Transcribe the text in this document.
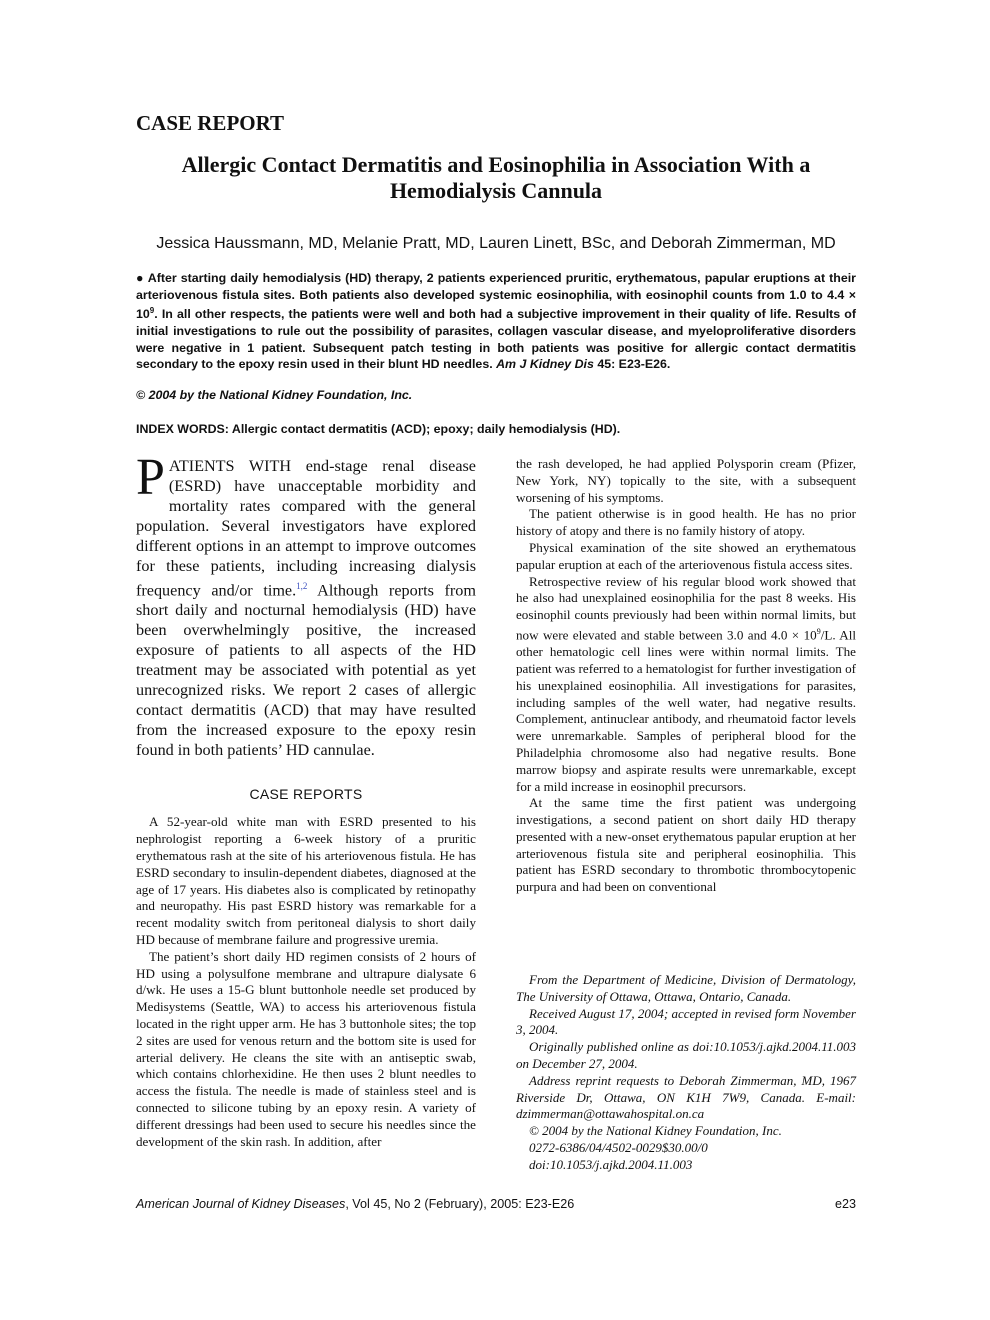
CASE REPORT
Allergic Contact Dermatitis and Eosinophilia in Association With a Hemodialysis Cannula
Jessica Haussmann, MD, Melanie Pratt, MD, Lauren Linett, BSc, and Deborah Zimmerman, MD
● After starting daily hemodialysis (HD) therapy, 2 patients experienced pruritic, erythematous, papular eruptions at their arteriovenous fistula sites. Both patients also developed systemic eosinophilia, with eosinophil counts from 1.0 to $4.4 \times 10^9$. In all other respects, the patients were well and both had a subjective improvement in their quality of life. Results of initial investigations to rule out the possibility of parasites, collagen vascular disease, and myeloproliferative disorders were negative in 1 patient. Subsequent patch testing in both patients was positive for allergic contact dermatitis secondary to the epoxy resin used in their blunt HD needles. Am J Kidney Dis 45: E23-E26.
© 2004 by the National Kidney Foundation, Inc.
INDEX WORDS: Allergic contact dermatitis (ACD); epoxy; daily hemodialysis (HD).

PATIENTS WITH end-stage renal disease (ESRD) have unacceptable morbidity and mortality rates compared with the general population. Several investigators have explored different options in an attempt to improve outcomes for these patients, including increasing dialysis frequency and/or time.$^{1,2}$ Although reports from short daily and nocturnal hemodialysis (HD) have been overwhelmingly positive, the increased exposure of patients to all aspects of the HD treatment may be associated with potential as yet unrecognized risks. We report 2 cases of allergic contact dermatitis (ACD) that may have resulted from the increased exposure to the epoxy resin found in both patients’ HD cannulae.

CASE REPORTS

A 52-year-old white man with ESRD presented to his nephrologist reporting a 6-week history of a pruritic erythematous rash at the site of his arteriovenous fistula. He has ESRD secondary to insulin-dependent diabetes, diagnosed at the age of 17 years. His diabetes also is complicated by retinopathy and neuropathy. His past ESRD history was remarkable for a recent modality switch from peritoneal dialysis to short daily HD because of membrane failure and progressive uremia.

The patient’s short daily HD regimen consists of 2 hours of HD using a polysulfone membrane and ultrapure dialysate 6 d/wk. He uses a 15-G blunt buttonhole needle set produced by Medisystems (Seattle, WA) to access his arteriovenous fistula located in the right upper arm. He has 3 buttonhole sites; the top 2 sites are used for venous return and the bottom site is used for arterial delivery. He cleans the site with an antiseptic swab, which contains chlorhexidine. He then uses 2 blunt needles to access the fistula. The needle is made of stainless steel and is connected to silicone tubing by an epoxy resin. A variety of different dressings had been used to secure his needles since the development of the skin rash. In addition, after

the rash developed, he had applied Polysporin cream (Pfizer, New York, NY) topically to the site, with a subsequent worsening of his symptoms.

The patient otherwise is in good health. He has no prior history of atopy and there is no family history of atopy.

Physical examination of the site showed an erythematous papular eruption at each of the arteriovenous fistula access sites.

Retrospective review of his regular blood work showed that he also had unexplained eosinophilia for the past 8 weeks. His eosinophil counts previously had been within normal limits, but now were elevated and stable between 3.0 and $4.0 \times 10^9/L$. All other hematologic cell lines were within normal limits. The patient was referred to a hematologist for further investigation of his unexplained eosinophilia. All investigations for parasites, including samples of the well water, had negative results. Complement, antinuclear antibody, and rheumatoid factor levels were unremarkable. Samples of peripheral blood for the Philadelphia chromosome also had negative results. Bone marrow biopsy and aspirate results were unremarkable, except for a mild increase in eosinophil precursors.

At the same time the first patient was undergoing investigations, a second patient on short daily HD therapy presented with a new-onset erythematous papular eruption at her arteriovenous fistula site and peripheral eosinophilia. This patient has ESRD secondary to thrombotic thrombocytopenic purpura and had been on conventional

From the Department of Medicine, Division of Dermatology, The University of Ottawa, Ottawa, Ontario, Canada.

Received August 17, 2004; accepted in revised form November 3, 2004.

Originally published online as doi:10.1053/j.ajkd.2004.11.003 on December 27, 2004.

Address reprint requests to Deborah Zimmerman, MD, 1967 Riverside Dr, Ottawa, ON K1H 7W9, Canada. E-mail: dzimmerman@ottawahospital.on.ca

© 2004 by the National Kidney Foundation, Inc.

0272-6386/04/4502-0029$30.00/0

doi:10.1053/j.ajkd.2004.11.003

American Journal of Kidney Diseases, Vol 45, No 2 (February), 2005: E23-E26	e23
